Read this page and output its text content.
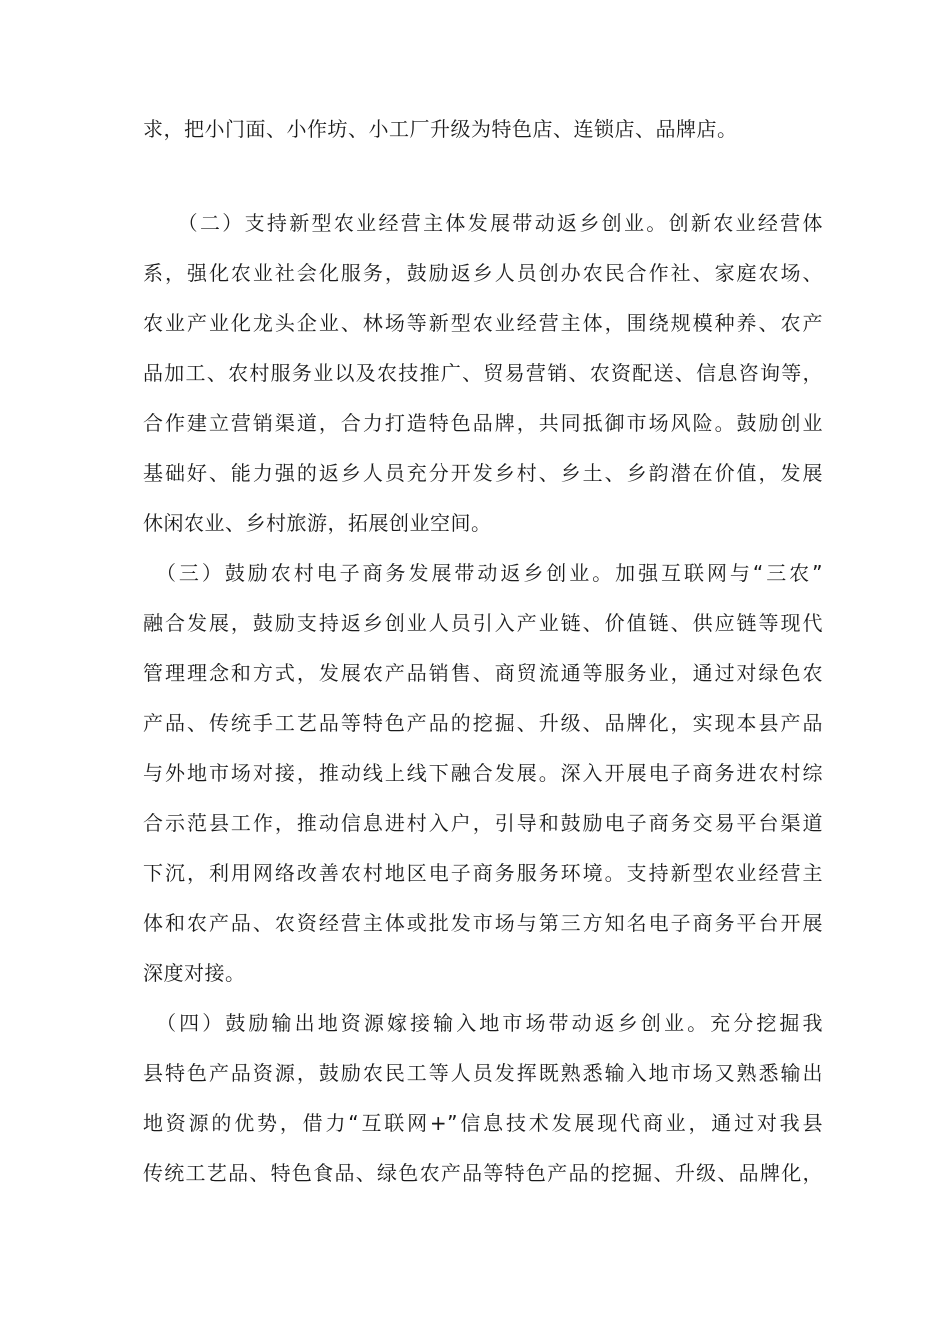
求，把小门面、小作坊、小工厂升级为特色店、连锁店、品牌店。
　　（二）支持新型农业经营主体发展带动返乡创业。创新农业经营体
系，强化农业社会化服务，鼓励返乡人员创办农民合作社、家庭农场、
农业产业化龙头企业、林场等新型农业经营主体，围绕规模种养、农产
品加工、农村服务业以及农技推广、贸易营销、农资配送、信息咨询等，
合作建立营销渠道，合力打造特色品牌，共同抵御市场风险。鼓励创业
基础好、能力强的返乡人员充分开发乡村、乡土、乡韵潜在价值，发展
休闲农业、乡村旅游，拓展创业空间。
　（三）鼓励农村电子商务发展带动返乡创业。加强互联网与“三农”
融合发展，鼓励支持返乡创业人员引入产业链、价值链、供应链等现代
管理理念和方式，发展农产品销售、商贸流通等服务业，通过对绿色农
产品、传统手工艺品等特色产品的挖掘、升级、品牌化，实现本县产品
与外地市场对接，推动线上线下融合发展。深入开展电子商务进农村综
合示范县工作，推动信息进村入户，引导和鼓励电子商务交易平台渠道
下沉，利用网络改善农村地区电子商务服务环境。支持新型农业经营主
体和农产品、农资经营主体或批发市场与第三方知名电子商务平台开展
深度对接。
　（四）鼓励输出地资源嫁接输入地市场带动返乡创业。充分挖掘我
县特色产品资源，鼓励农民工等人员发挥既熟悉输入地市场又熟悉输出
地资源的优势，借力“互联网+”信息技术发展现代商业，通过对我县
传统工艺品、特色食品、绿色农产品等特色产品的挖掘、升级、品牌化，
